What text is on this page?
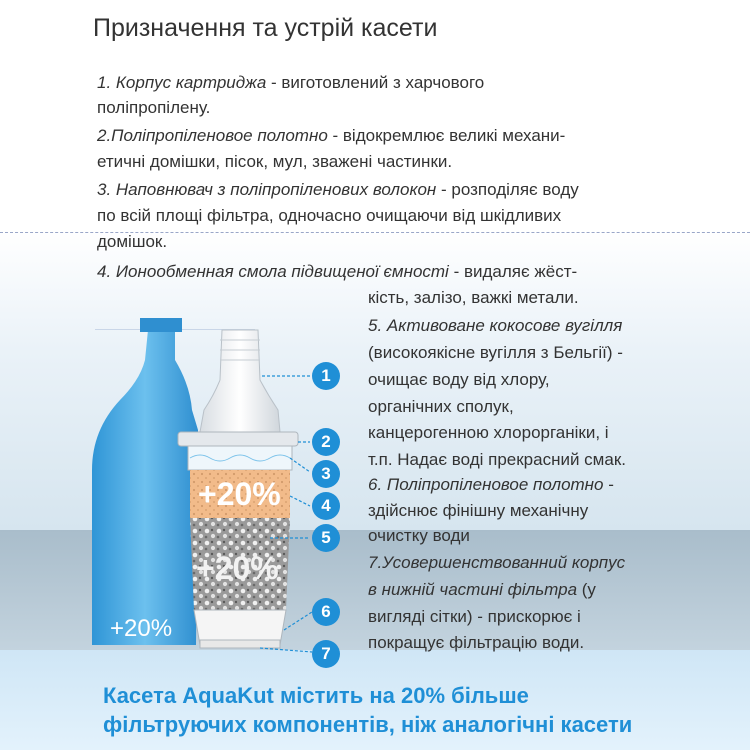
Призначення та устрій касети
+20%
+20%
+20%
1
2
3
4
5
6
7
1. Корпус картриджа - виготовлений з харчового
поліпропілену.
2.Поліпропіленовое полотно - відокремлює великі механи-
етичні домішки, пісок, мул, зважені частинки.
3. Наповнювач з поліпропіленових волокон - розподіляє воду
по всій площі фільтра, одночасно очищаючи від шкідливих
домішок.
4. Ионообменная смола підвищеної ємності - видаляє жёст-
кість, залізо, важкі метали.
5. Активоване кокосове вугілля
(високоякісне вугілля з Бельгії) -
очищає воду від хлору,
органічних сполук,
канцерогенною хлорорганіки, і
т.п. Надає воді прекрасний смак.
6. Поліпропіленовое полотно -
здійснює фінішну механічну
очистку води
7.Усовершенствованний корпус
в нижній частині фільтра (у
вигляді сітки) - прискорює і
покращує фільтрацію води.
Касета AquaKut містить на 20% більше
фільтруючих компонентів, ніж аналогічні касети
